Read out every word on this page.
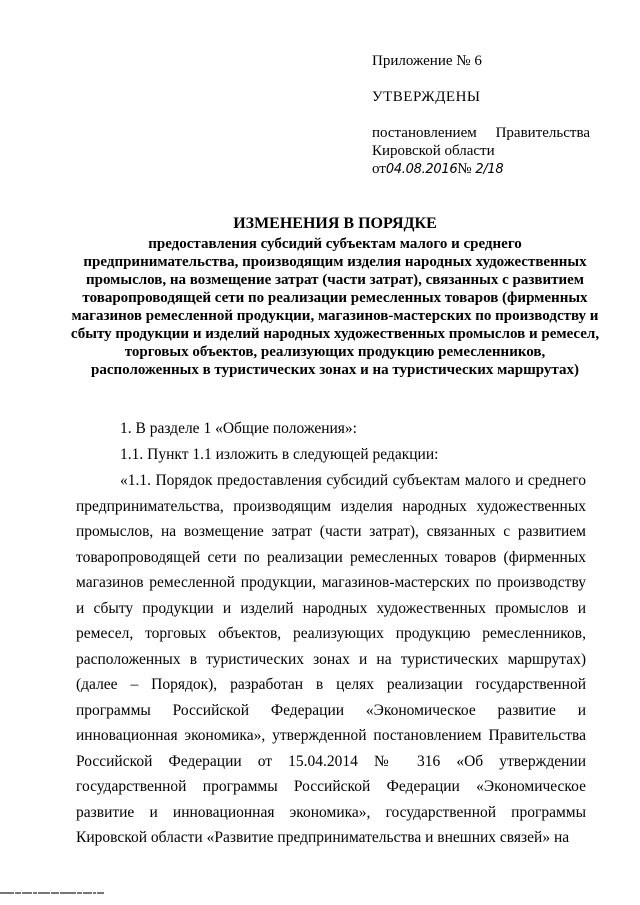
Приложение № 6
УТВЕРЖДЕНЫ
постановлением Правительства
Кировской области
от04.08.2016№ 2/18
ИЗМЕНЕНИЯ В ПОРЯДКЕ
предоставления субсидий субъектам малого и среднего предпринимательства, производящим изделия народных художественных промыслов, на возмещение затрат (части затрат), связанных с развитием товаропроводящей сети по реализации ремесленных товаров (фирменных магазинов ремесленной продукции, магазинов-мастерских по производству и сбыту продукции и изделий народных художественных промыслов и ремесел, торговых объектов, реализующих продукцию ремесленников, расположенных в туристических зонах и на туристических маршрутах)
1. В разделе 1 «Общие положения»:
1.1. Пункт 1.1 изложить в следующей редакции:
«1.1. Порядок предоставления субсидий субъектам малого и среднего предпринимательства, производящим изделия народных художественных промыслов, на возмещение затрат (части затрат), связанных с развитием товаропроводящей сети по реализации ремесленных товаров (фирменных магазинов ремесленной продукции, магазинов-мастерских по производству и сбыту продукции и изделий народных художественных промыслов и ремесел, торговых объектов, реализующих продукцию ремесленников, расположенных в туристических зонах и на туристических маршрутах) (далее – Порядок), разработан в целях реализации государственной программы Российской Федерации «Экономическое развитие и инновационная экономика», утвержденной постановлением Правительства Российской Федерации от 15.04.2014 № 316 «Об утверждении государственной программы Российской Федерации «Экономическое развитие и инновационная экономика», государственной программы Кировской области «Развитие предпринимательства и внешних связей» на
